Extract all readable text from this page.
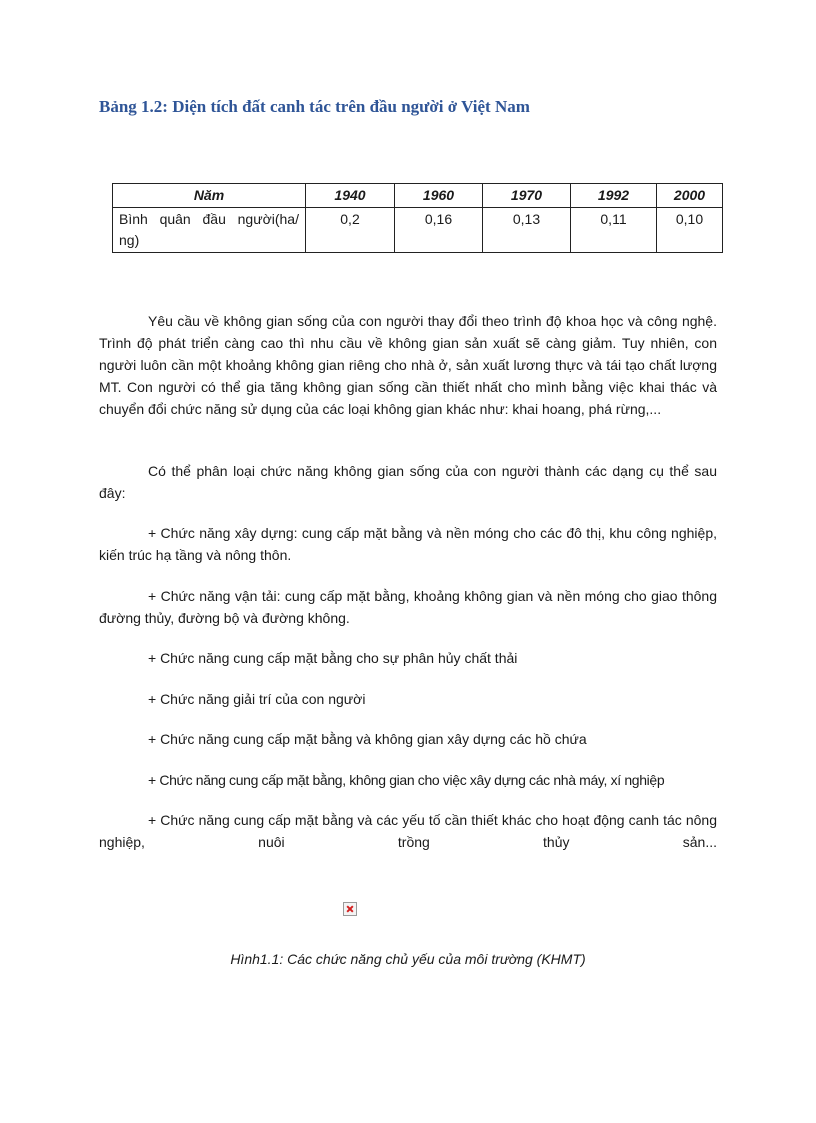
Bảng 1.2: Diện tích đất canh tác trên đầu người ở Việt Nam
Năm	1940	1960	1970	1992	2000
Bình quân đầu người(ha/ ng)	0,2	0,16	0,13	0,11	0,10

Yêu cầu về không gian sống của con người thay đổi theo trình độ khoa học và công nghệ. Trình độ phát triển càng cao thì nhu cầu về không gian sản xuất sẽ càng giảm. Tuy nhiên, con người luôn cần một khoảng không gian riêng cho nhà ở, sản xuất lương thực và tái tạo chất lượng MT. Con người có thể gia tăng không gian sống cần thiết nhất cho mình bằng việc khai thác và chuyển đổi chức năng sử dụng của các loại không gian khác như: khai hoang, phá rừng,...

Có thể phân loại chức năng không gian sống của con người thành các dạng cụ thể sau đây:

+ Chức năng xây dựng: cung cấp mặt bằng và nền móng cho các đô thị, khu công nghiệp, kiến trúc hạ tầng và nông thôn.

+ Chức năng vận tải: cung cấp mặt bằng, khoảng không gian và nền móng cho giao thông đường thủy, đường bộ và đường không.

+ Chức năng cung cấp mặt bằng cho sự phân hủy chất thải

+ Chức năng giải trí của con người

+ Chức năng cung cấp mặt bằng và không gian xây dựng các hồ chứa

+ Chức năng cung cấp mặt bằng, không gian cho việc xây dựng các nhà máy, xí nghiệp

+ Chức năng cung cấp mặt bằng và các yếu tố cần thiết khác cho hoạt động canh tác nông nghiệp, nuôi trồng thủy sản...

Hình1.1: Các chức năng chủ yếu của môi trường (KHMT)
